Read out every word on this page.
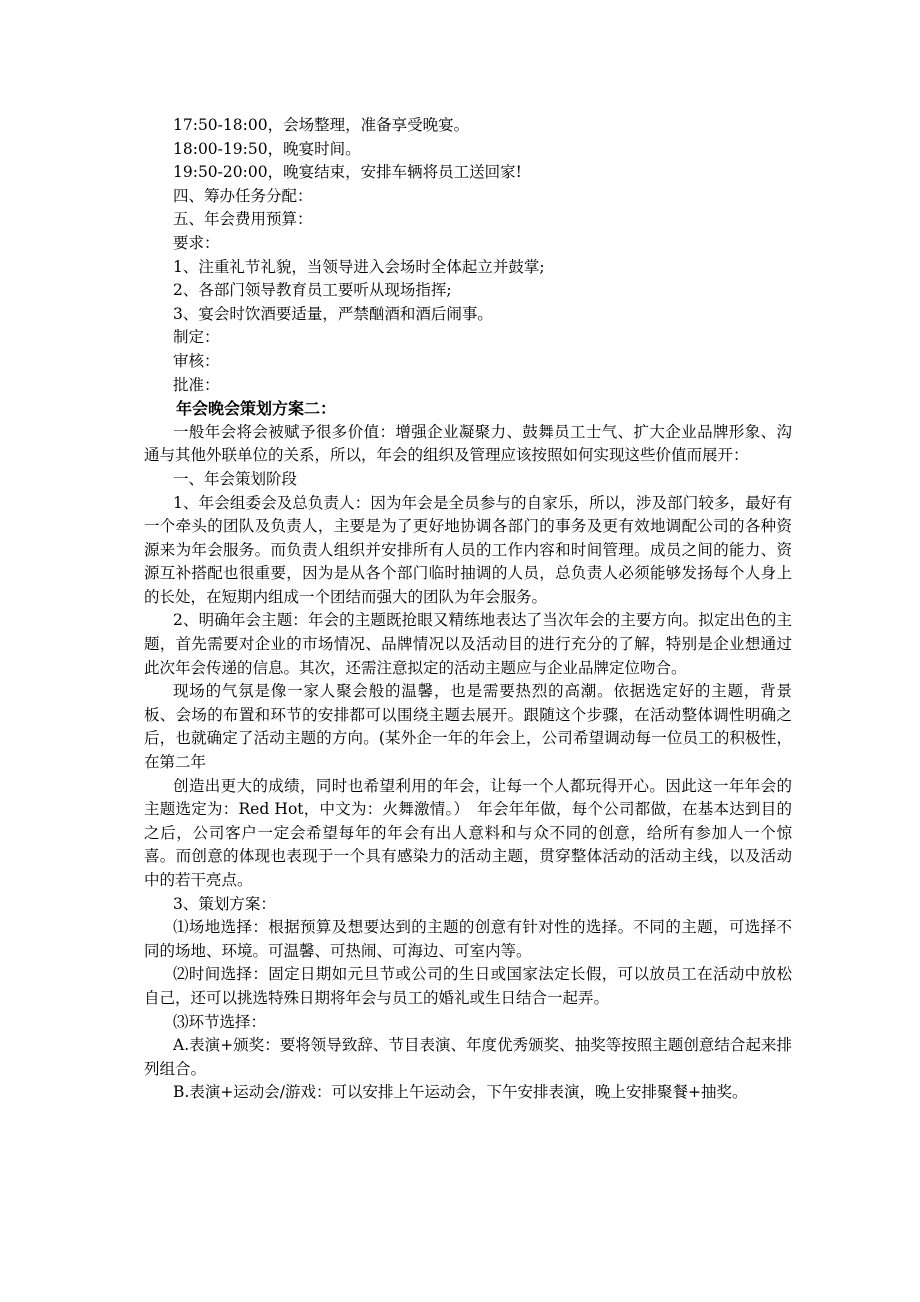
17:50-18:00，会场整理，准备享受晚宴。

18:00-19:50，晚宴时间。

19:50-20:00，晚宴结束，安排车辆将员工送回家!

四、筹办任务分配：

五、年会费用预算：

要求：

1、注重礼节礼貌，当领导进入会场时全体起立并鼓掌;

2、各部门领导教育员工要听从现场指挥;

3、宴会时饮酒要适量，严禁酗酒和酒后闹事。

制定：

审核：

批准：

年会晚会策划方案二：

一般年会将会被赋予很多价值：增强企业凝聚力、鼓舞员工士气、扩大企业品牌形象、沟通与其他外联单位的关系，所以，年会的组织及管理应该按照如何实现这些价值而展开：

一、年会策划阶段

1、年会组委会及总负责人：因为年会是全员参与的自家乐，所以，涉及部门较多，最好有一个牵头的团队及负责人，主要是为了更好地协调各部门的事务及更有效地调配公司的各种资源来为年会服务。而负责人组织并安排所有人员的工作内容和时间管理。成员之间的能力、资源互补搭配也很重要，因为是从各个部门临时抽调的人员，总负责人必须能够发扬每个人身上的长处，在短期内组成一个团结而强大的团队为年会服务。

2、明确年会主题：年会的主题既抢眼又精练地表达了当次年会的主要方向。拟定出色的主题，首先需要对企业的市场情况、品牌情况以及活动目的进行充分的了解，特别是企业想通过此次年会传递的信息。其次，还需注意拟定的活动主题应与企业品牌定位吻合。

现场的气氛是像一家人聚会般的温馨，也是需要热烈的高潮。依据选定好的主题，背景板、会场的布置和环节的安排都可以围绕主题去展开。跟随这个步骤，在活动整体调性明确之后，也就确定了活动主题的方向。(某外企一年的年会上，公司希望调动每一位员工的积极性，在第二年

创造出更大的成绩，同时也希望利用的年会，让每一个人都玩得开心。因此这一年年会的主题选定为：Red Hot，中文为：火舞激情。）　年会年年做，每个公司都做，在基本达到目的之后，公司客户一定会希望每年的年会有出人意料和与众不同的创意，给所有参加人一个惊喜。而创意的体现也表现于一个具有感染力的活动主题，贯穿整体活动的活动主线，以及活动中的若干亮点。

3、策划方案：

⑴场地选择：根据预算及想要达到的主题的创意有针对性的选择。不同的主题，可选择不同的场地、环境。可温馨、可热闹、可海边、可室内等。

⑵时间选择：固定日期如元旦节或公司的生日或国家法定长假，可以放员工在活动中放松自己，还可以挑选特殊日期将年会与员工的婚礼或生日结合一起弄。

⑶环节选择：

A.表演+颁奖：要将领导致辞、节目表演、年度优秀颁奖、抽奖等按照主题创意结合起来排列组合。

B.表演+运动会/游戏：可以安排上午运动会，下午安排表演，晚上安排聚餐+抽奖。
